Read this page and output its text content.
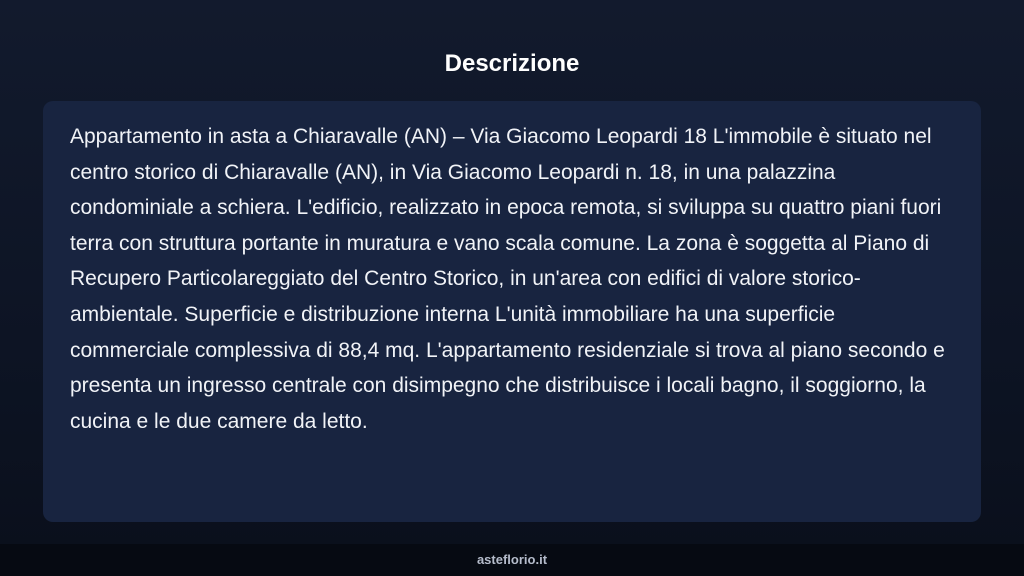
Descrizione

Appartamento in asta a Chiaravalle (AN) – Via Giacomo Leopardi 18 L'immobile è situato nel centro storico di Chiaravalle (AN), in Via Giacomo Leopardi n. 18, in una palazzina condominiale a schiera. L'edificio, realizzato in epoca remota, si sviluppa su quattro piani fuori terra con struttura portante in muratura e vano scala comune. La zona è soggetta al Piano di Recupero Particolareggiato del Centro Storico, in un'area con edifici di valore storico-ambientale. Superficie e distribuzione interna L'unità immobiliare ha una superficie commerciale complessiva di 88,4 mq. L'appartamento residenziale si trova al piano secondo e presenta un ingresso centrale con disimpegno che distribuisce i locali bagno, il soggiorno, la cucina e le due camere da letto.

asteflorio.it
